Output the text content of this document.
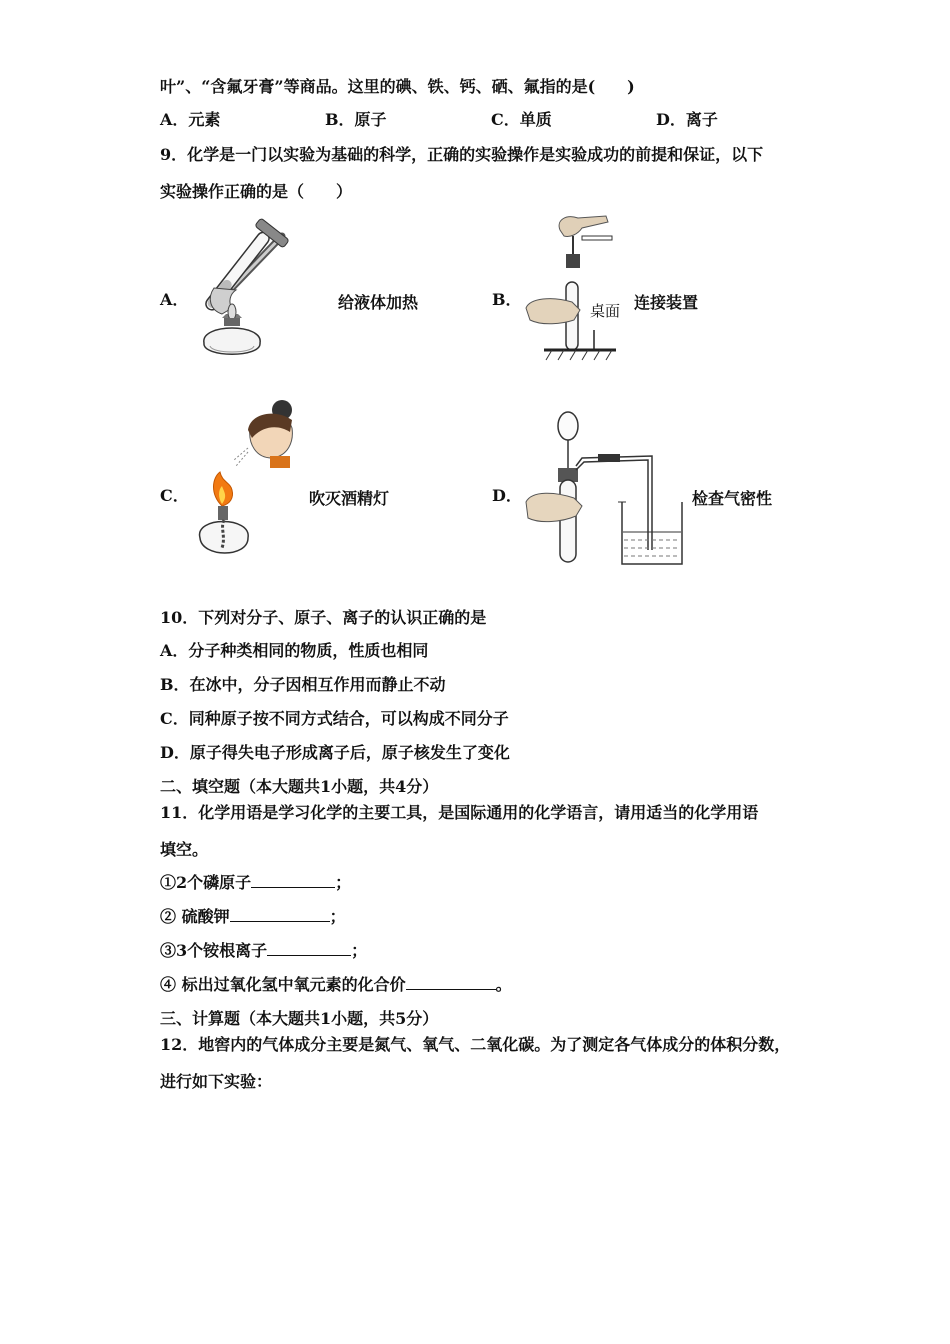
叶”、“含氟牙膏”等商品。这里的碘、铁、钙、硒、氟指的是(　　)
A．元素	B．原子	C．单质	D．离子
9．化学是一门以实验为基础的科学，正确的实验操作是实验成功的前提和保证，以下
实验操作正确的是（　　）
A．	给液体加热	B．
桌面 连接装置
C．	吹灭酒精灯	D．	检查气密性
10．下列对分子、原子、离子的认识正确的是
A．分子种类相同的物质，性质也相同
B．在冰中，分子因相互作用而静止不动
C．同种原子按不同方式结合，可以构成不同分子
D．原子得失电子形成离子后，原子核发生了变化
二、填空题（本大题共1小题，共4分）
11．化学用语是学习化学的主要工具，是国际通用的化学语言，请用适当的化学用语
填空。
①2个磷原子	；
② 硫酸钾	；
③3个铵根离子	；
④ 标出过氧化氢中氧元素的化合价	。
三、计算题（本大题共1小题，共5分）
12．地窖内的气体成分主要是氮气、氧气、二氧化碳。为了测定各气体成分的体积分数，
进行如下实验：
